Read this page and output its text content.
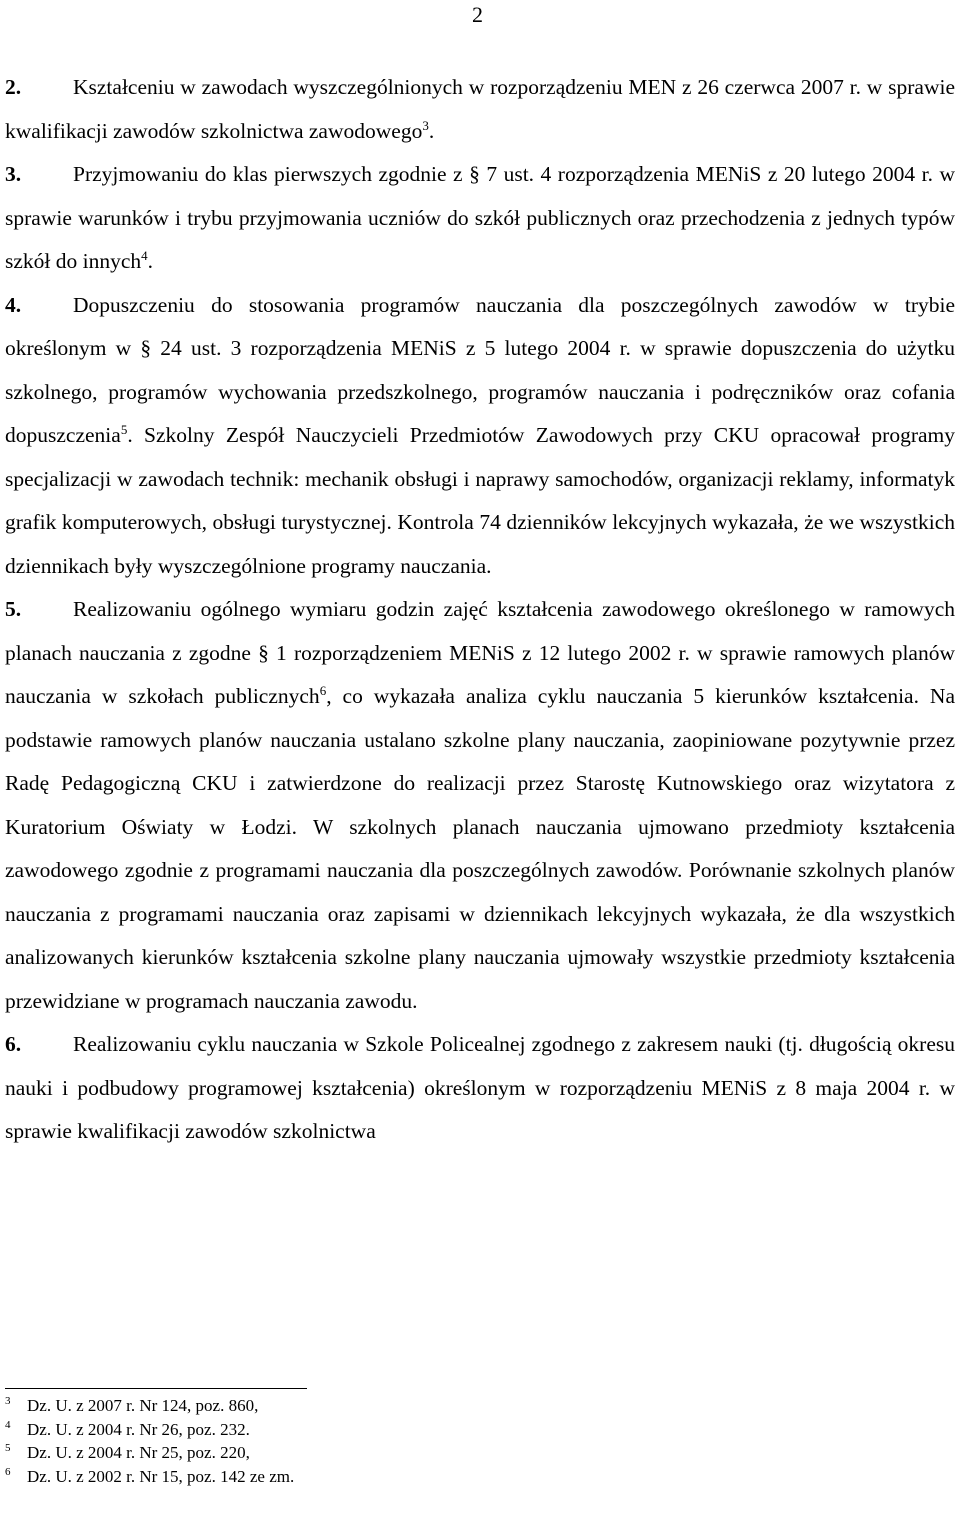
2

2. Kształceniu w zawodach wyszczególnionych w rozporządzeniu MEN z 26 czerwca 2007 r. w sprawie kwalifikacji zawodów szkolnictwa zawodowego$^3$.

3. Przyjmowaniu do klas pierwszych zgodnie z § 7 ust. 4 rozporządzenia MENiS z 20 lutego 2004 r. w sprawie warunków i trybu przyjmowania uczniów do szkół publicznych oraz przechodzenia z jednych typów szkół do innych$^4$.

4. Dopuszczeniu do stosowania programów nauczania dla poszczególnych zawodów w trybie określonym w § 24 ust. 3 rozporządzenia MENiS z 5 lutego 2004 r. w sprawie dopuszczenia do użytku szkolnego, programów wychowania przedszkolnego, programów nauczania i podręczników oraz cofania dopuszczenia$^5$. Szkolny Zespół Nauczycieli Przedmiotów Zawodowych przy CKU opracował programy specjalizacji w zawodach technik: mechanik obsługi i naprawy samochodów, organizacji reklamy, informatyk grafik komputerowych, obsługi turystycznej. Kontrola 74 dzienników lekcyjnych wykazała, że we wszystkich dziennikach były wyszczególnione programy nauczania.

5. Realizowaniu ogólnego wymiaru godzin zajęć kształcenia zawodowego określonego w ramowych planach nauczania z zgodne § 1 rozporządzeniem MENiS z 12 lutego 2002 r. w sprawie ramowych planów nauczania w szkołach publicznych$^6$, co wykazała analiza cyklu nauczania 5 kierunków kształcenia. Na podstawie ramowych planów nauczania ustalano szkolne plany nauczania, zaopiniowane pozytywnie przez Radę Pedagogiczną CKU i zatwierdzone do realizacji przez Starostę Kutnowskiego oraz wizytatora z Kuratorium Oświaty w Łodzi. W szkolnych planach nauczania ujmowano przedmioty kształcenia zawodowego zgodnie z programami nauczania dla poszczególnych zawodów. Porównanie szkolnych planów nauczania z programami nauczania oraz zapisami w dziennikach lekcyjnych wykazała, że dla wszystkich analizowanych kierunków kształcenia szkolne plany nauczania ujmowały wszystkie przedmioty kształcenia przewidziane w programach nauczania zawodu.

6. Realizowaniu cyklu nauczania w Szkole Policealnej zgodnego z zakresem nauki (tj. długością okresu nauki i podbudowy programowej kształcenia) określonym w rozporządzeniu MENiS z 8 maja 2004 r. w sprawie kwalifikacji zawodów szkolnictwa

3 Dz. U. z 2007 r. Nr 124, poz. 860,

4 Dz. U. z 2004 r. Nr 26, poz. 232.

5 Dz. U. z 2004 r. Nr 25, poz. 220,

6 Dz. U. z 2002 r. Nr 15, poz. 142 ze zm.
